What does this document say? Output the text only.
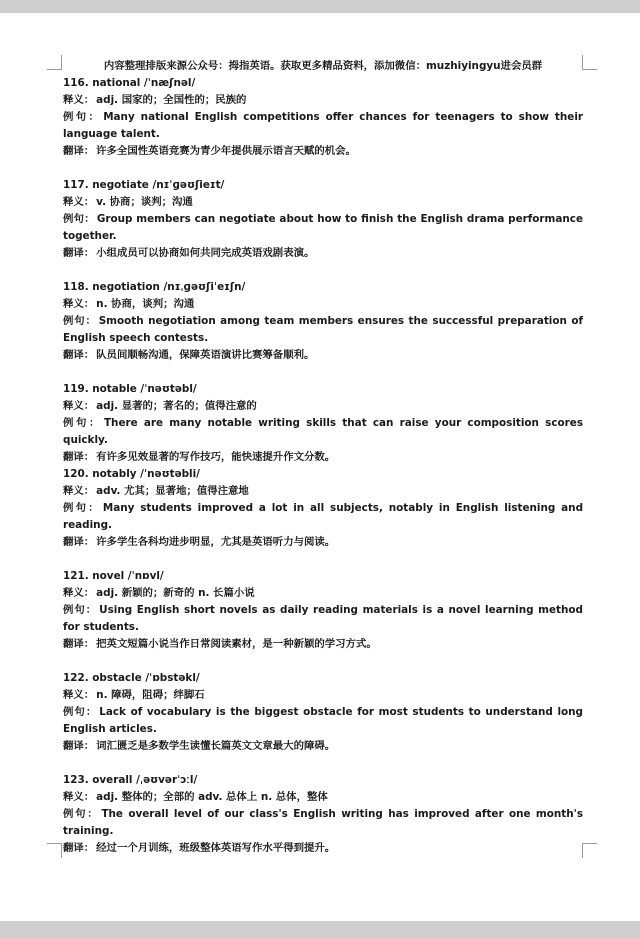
内容整理排版来源公众号：拇指英语。获取更多精品资料，添加微信：muzhiyingyu进会员群
116. national /ˈnæʃnəl/
释义： adj. 国家的；全国性的；民族的
例句： Many national English competitions offer chances for teenagers to show their language talent.
翻译： 许多全国性英语竞赛为青少年提供展示语言天赋的机会。
117. negotiate /nɪˈɡəʊʃieɪt/
释义： v. 协商；谈判；沟通
例句： Group members can negotiate about how to finish the English drama performance together.
翻译： 小组成员可以协商如何共同完成英语戏剧表演。
118. negotiation /nɪˌɡəʊʃiˈeɪʃn/
释义： n. 协商，谈判；沟通
例句： Smooth negotiation among team members ensures the successful preparation of English speech contests.
翻译： 队员间顺畅沟通，保障英语演讲比赛筹备顺利。
119. notable /ˈnəʊtəbl/
释义： adj. 显著的；著名的；值得注意的
例句： There are many notable writing skills that can raise your composition scores quickly.
翻译： 有许多见效显著的写作技巧，能快速提升作文分数。
120. notably /ˈnəʊtəbli/
释义： adv. 尤其；显著地；值得注意地
例句： Many students improved a lot in all subjects, notably in English listening and reading.
翻译： 许多学生各科均进步明显，尤其是英语听力与阅读。
121. novel /ˈnɒvl/
释义： adj. 新颖的；新奇的 n. 长篇小说
例句： Using English short novels as daily reading materials is a novel learning method for students.
翻译： 把英文短篇小说当作日常阅读素材，是一种新颖的学习方式。
122. obstacle /ˈɒbstəkl/
释义： n. 障碍，阻碍；绊脚石
例句： Lack of vocabulary is the biggest obstacle for most students to understand long English articles.
翻译： 词汇匮乏是多数学生读懂长篇英文文章最大的障碍。
123. overall /ˌəʊvərˈɔːl/
释义： adj. 整体的；全部的 adv. 总体上 n. 总体，整体
例句： The overall level of our class's English writing has improved after one month's training.
翻译： 经过一个月训练，班级整体英语写作水平得到提升。
